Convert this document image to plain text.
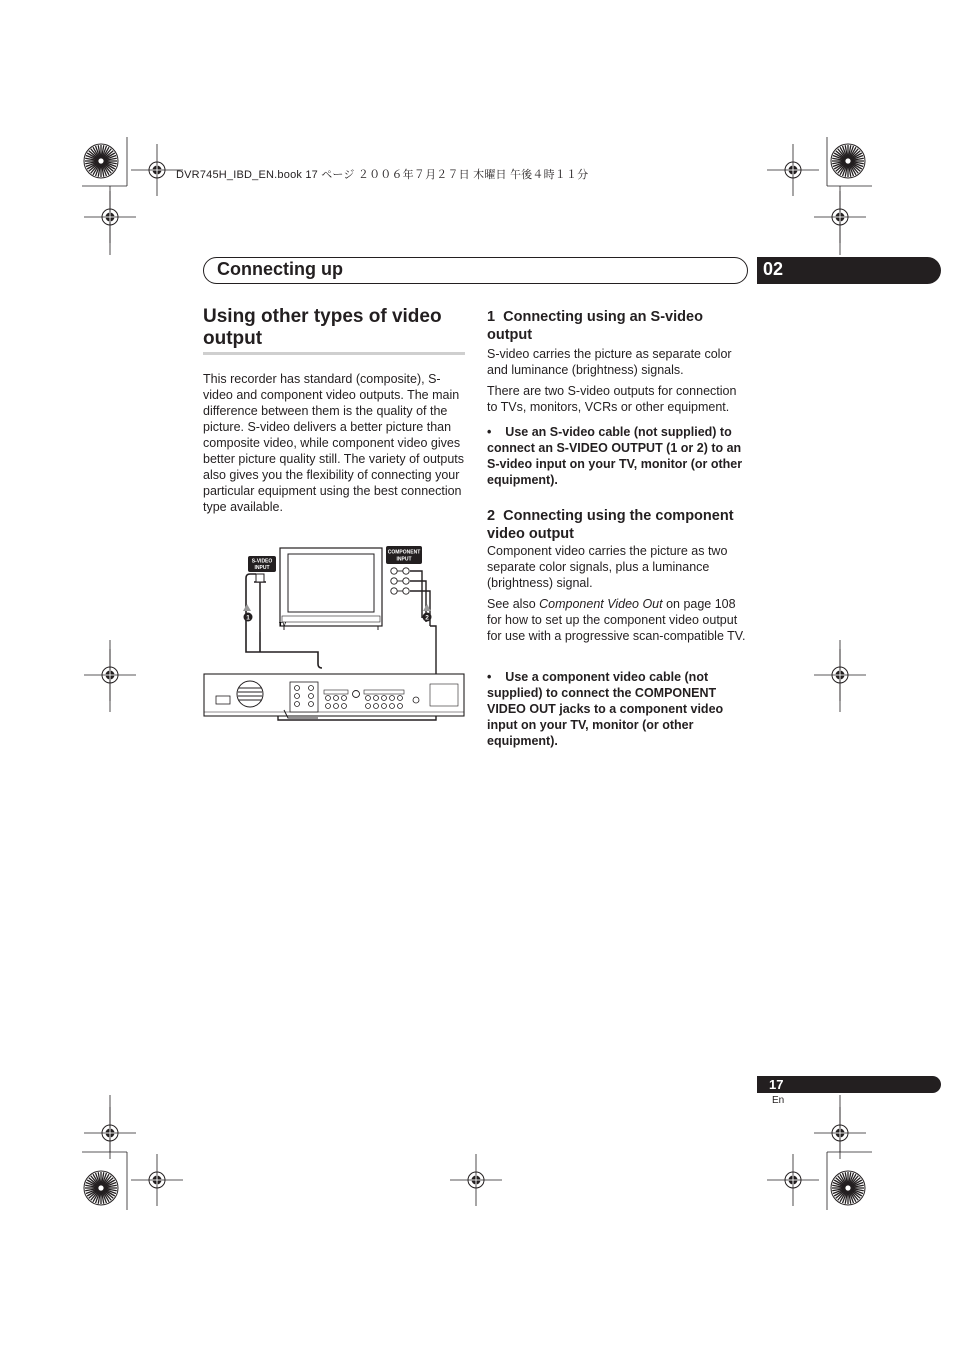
DVR745H_IBD_EN.book 17 ページ ２００６年７月２７日 木曜日 午後４時１１分
Connecting up	02
Using other types of video output
This recorder has standard (composite), S-video and component video outputs. The main difference between them is the quality of the picture. S-video delivers a better picture than composite video, while component video gives better picture quality still. The variety of outputs also gives you the flexibility of connecting your particular equipment using the best connection type available.
TV
S-VIDEO
INPUT
COMPONENT
INPUT
1	2
1 Connecting using an S-video output
S-video carries the picture as separate color and luminance (brightness) signals.
There are two S-video outputs for connection to TVs, monitors, VCRs or other equipment.
• Use an S-video cable (not supplied) to connect an S-VIDEO OUTPUT (1 or 2) to an S-video input on your TV, monitor (or other equipment).
2 Connecting using the component video output
Component video carries the picture as two separate color signals, plus a luminance (brightness) signal.
See also Component Video Out on page 108 for how to set up the component video output for use with a progressive scan-compatible TV.
• Use a component video cable (not supplied) to connect the COMPONENT VIDEO OUT jacks to a component video input on your TV, monitor (or other equipment).
17
En
